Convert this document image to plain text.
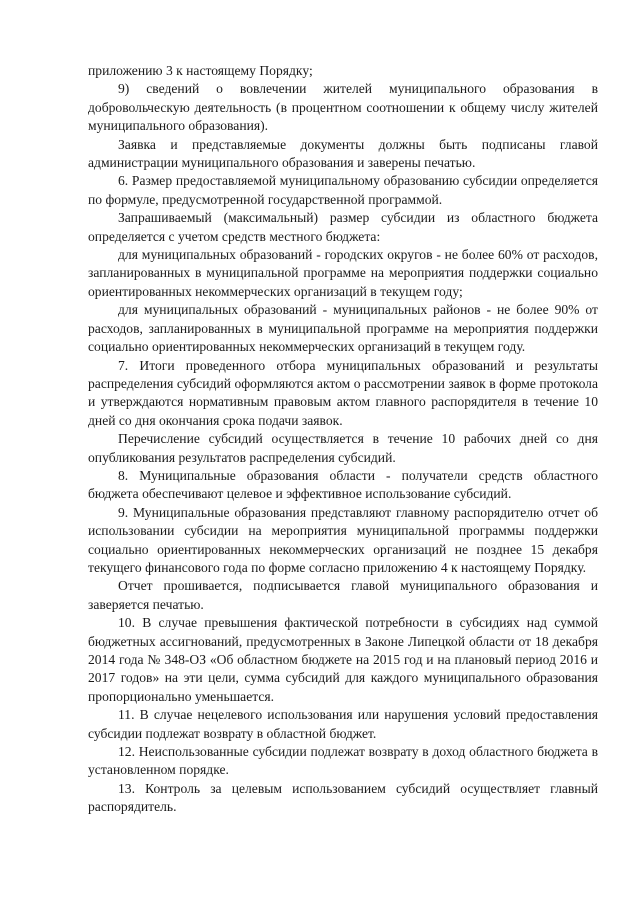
приложению 3 к настоящему Порядку;

9) сведений о вовлечении жителей муниципального образования в добровольческую деятельность (в процентном соотношении к общему числу жителей муниципального образования).

Заявка и представляемые документы должны быть подписаны главой администрации муниципального образования и заверены печатью.

6. Размер предоставляемой муниципальному образованию субсидии определяется по формуле, предусмотренной государственной программой.

Запрашиваемый (максимальный) размер субсидии из областного бюджета определяется с учетом средств местного бюджета:

для муниципальных образований - городских округов - не более 60% от расходов, запланированных в муниципальной программе на мероприятия поддержки социально ориентированных некоммерческих организаций в текущем году;

для муниципальных образований - муниципальных районов - не более 90% от расходов, запланированных в муниципальной программе на мероприятия поддержки социально ориентированных некоммерческих организаций в текущем году.

7. Итоги проведенного отбора муниципальных образований и результаты распределения субсидий оформляются актом о рассмотрении заявок в форме протокола и утверждаются нормативным правовым актом главного распорядителя в течение 10 дней со дня окончания срока подачи заявок.

Перечисление субсидий осуществляется в течение 10 рабочих дней со дня опубликования результатов распределения субсидий.

8. Муниципальные образования области - получатели средств областного бюджета обеспечивают целевое и эффективное использование субсидий.

9. Муниципальные образования представляют главному распорядителю отчет об использовании субсидии на мероприятия муниципальной программы поддержки социально ориентированных некоммерческих организаций не позднее 15 декабря текущего финансового года по форме согласно приложению 4 к настоящему Порядку.

Отчет прошивается, подписывается главой муниципального образования и заверяется печатью.

10. В случае превышения фактической потребности в субсидиях над суммой бюджетных ассигнований, предусмотренных в Законе Липецкой области от 18 декабря 2014 года № 348-ОЗ «Об областном бюджете на 2015 год и на плановый период 2016 и 2017 годов» на эти цели, сумма субсидий для каждого муниципального образования пропорционально уменьшается.

11. В случае нецелевого использования или нарушения условий предоставления субсидии подлежат возврату в областной бюджет.

12. Неиспользованные субсидии подлежат возврату в доход областного бюджета в установленном порядке.

13. Контроль за целевым использованием субсидий осуществляет главный распорядитель.
